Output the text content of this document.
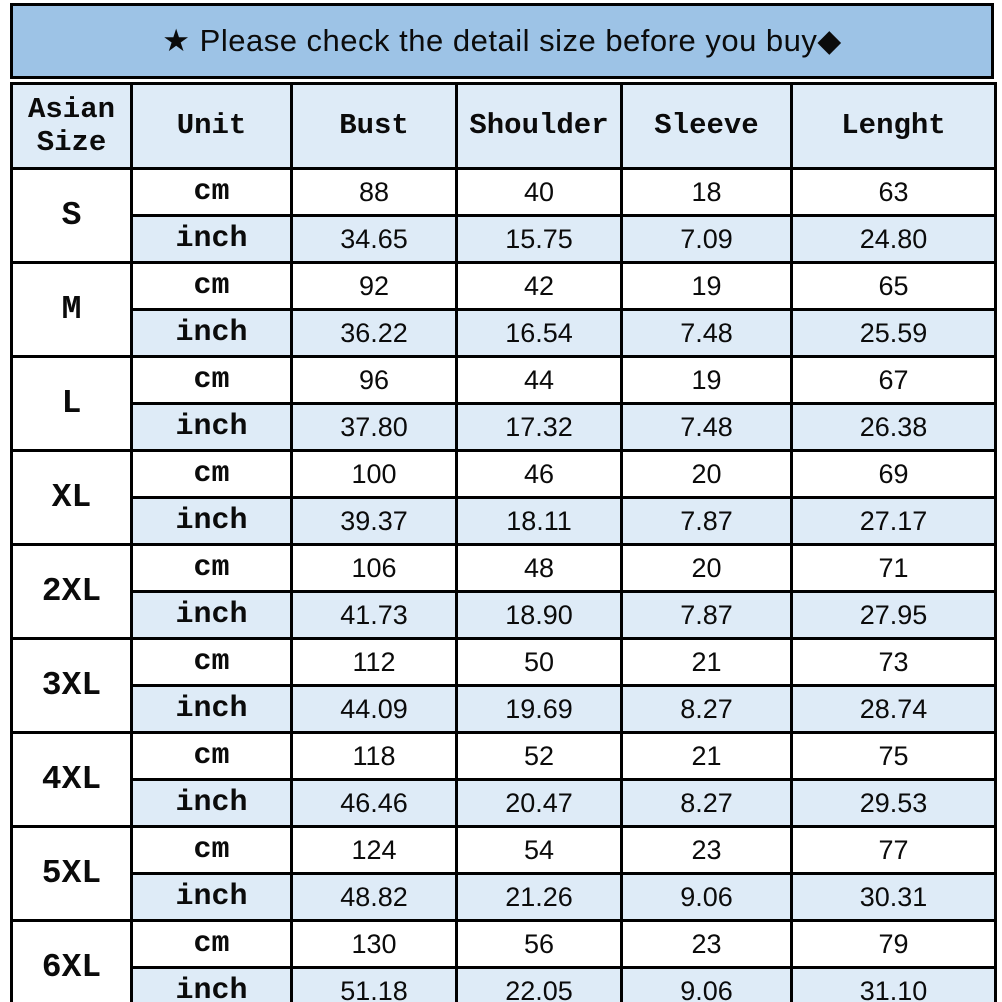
★ Please check the detail size before you buy◆
Asian
Size	Unit	Bust	Shoulder	Sleeve	Lenght
S	cm	88	40	18	63
	inch	34.65	15.75	7.09	24.80
M	cm	92	42	19	65
	inch	36.22	16.54	7.48	25.59
L	cm	96	44	19	67
	inch	37.80	17.32	7.48	26.38
XL	cm	100	46	20	69
	inch	39.37	18.11	7.87	27.17
2XL	cm	106	48	20	71
	inch	41.73	18.90	7.87	27.95
3XL	cm	112	50	21	73
	inch	44.09	19.69	8.27	28.74
4XL	cm	118	52	21	75
	inch	46.46	20.47	8.27	29.53
5XL	cm	124	54	23	77
	inch	48.82	21.26	9.06	30.31
6XL	cm	130	56	23	79
	inch	51.18	22.05	9.06	31.10
